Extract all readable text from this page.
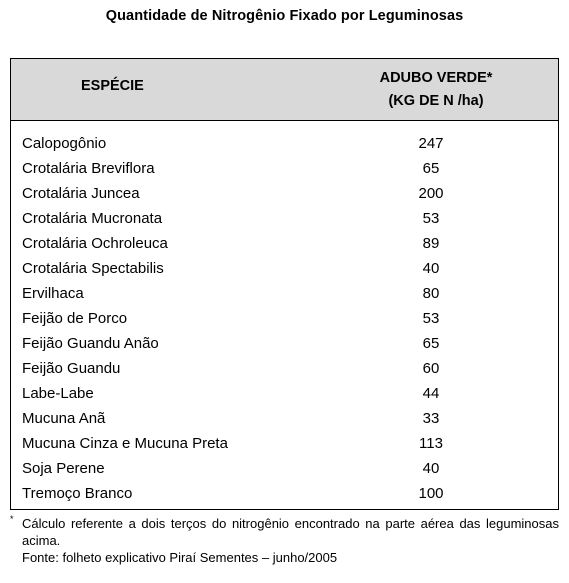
Quantidade de Nitrogênio Fixado por Leguminosas
ESPÉCIE	ADUBO VERDE*
(KG DE N /ha)
Calopogônio	247
Crotalária Breviflora	65
Crotalária Juncea	200
Crotalária Mucronata	53
Crotalária Ochroleuca	89
Crotalária Spectabilis	40
Ervilhaca	80
Feijão de Porco	53
Feijão Guandu Anão	65
Feijão Guandu	60
Labe-Labe	44
Mucuna Anã	33
Mucuna Cinza e Mucuna Preta	113
Soja Perene	40
Tremoço Branco	100
* Cálculo referente a dois terços do nitrogênio encontrado na parte aérea das leguminosas acima.
Fonte: folheto explicativo Piraí Sementes – junho/2005
